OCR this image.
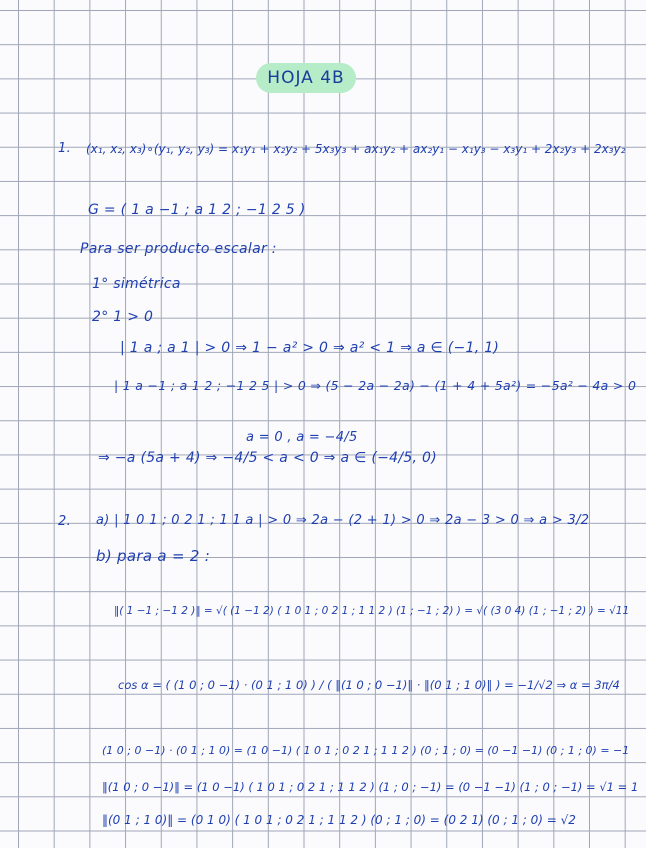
HOJA 4B
1. (x₁, x₂, x₃)∘(y₁, y₂, y₃) = x₁y₁ + x₂y₂ + 5x₃y₃ + ax₁y₂ + ax₂y₁ − x₁y₃ − x₃y₁ + 2x₂y₃ + 2x₃y₂
G = ( 1 a −1 ; a 1 2 ; −1 2 5 )
Para ser producto escalar :
1° simétrica
2° 1 > 0
| 1 a ; a 1 | > 0 ⇒ 1 − a² > 0 ⇒ a² < 1 ⇒ a ∈ (−1, 1)
| 1 a −1 ; a 1 2 ; −1 2 5 | > 0 ⇒ (5 − 2a − 2a) − (1 + 4 + 5a²) = −5a² − 4a > 0
a = 0 , a = −4/5
⇒ −a (5a + 4) ⇒ −4/5 < a < 0 ⇒ a ∈ (−4/5, 0)
2. a) | 1 0 1 ; 0 2 1 ; 1 1 a | > 0 ⇒ 2a − (2 + 1) > 0 ⇒ 2a − 3 > 0 ⇒ a > 3/2
b) para a = 2 :
‖( 1 −1 ; −1 2 )‖ = √( (1 −1 2) ( 1 0 1 ; 0 2 1 ; 1 1 2 ) (1 ; −1 ; 2) ) = √( (3 0 4) (1 ; −1 ; 2) ) = √11
cos α = ( (1 0 ; 0 −1) · (0 1 ; 1 0) ) / ( ‖(1 0 ; 0 −1)‖ · ‖(0 1 ; 1 0)‖ ) = −1/√2 ⇒ α = 3π/4
(1 0 ; 0 −1) · (0 1 ; 1 0) = (1 0 −1) ( 1 0 1 ; 0 2 1 ; 1 1 2 ) (0 ; 1 ; 0) = (0 −1 −1) (0 ; 1 ; 0) = −1
‖(1 0 ; 0 −1)‖ = (1 0 −1) ( 1 0 1 ; 0 2 1 ; 1 1 2 ) (1 ; 0 ; −1) = (0 −1 −1) (1 ; 0 ; −1) = √1 = 1
‖(0 1 ; 1 0)‖ = (0 1 0) ( 1 0 1 ; 0 2 1 ; 1 1 2 ) (0 ; 1 ; 0) = (0 2 1) (0 ; 1 ; 0) = √2
